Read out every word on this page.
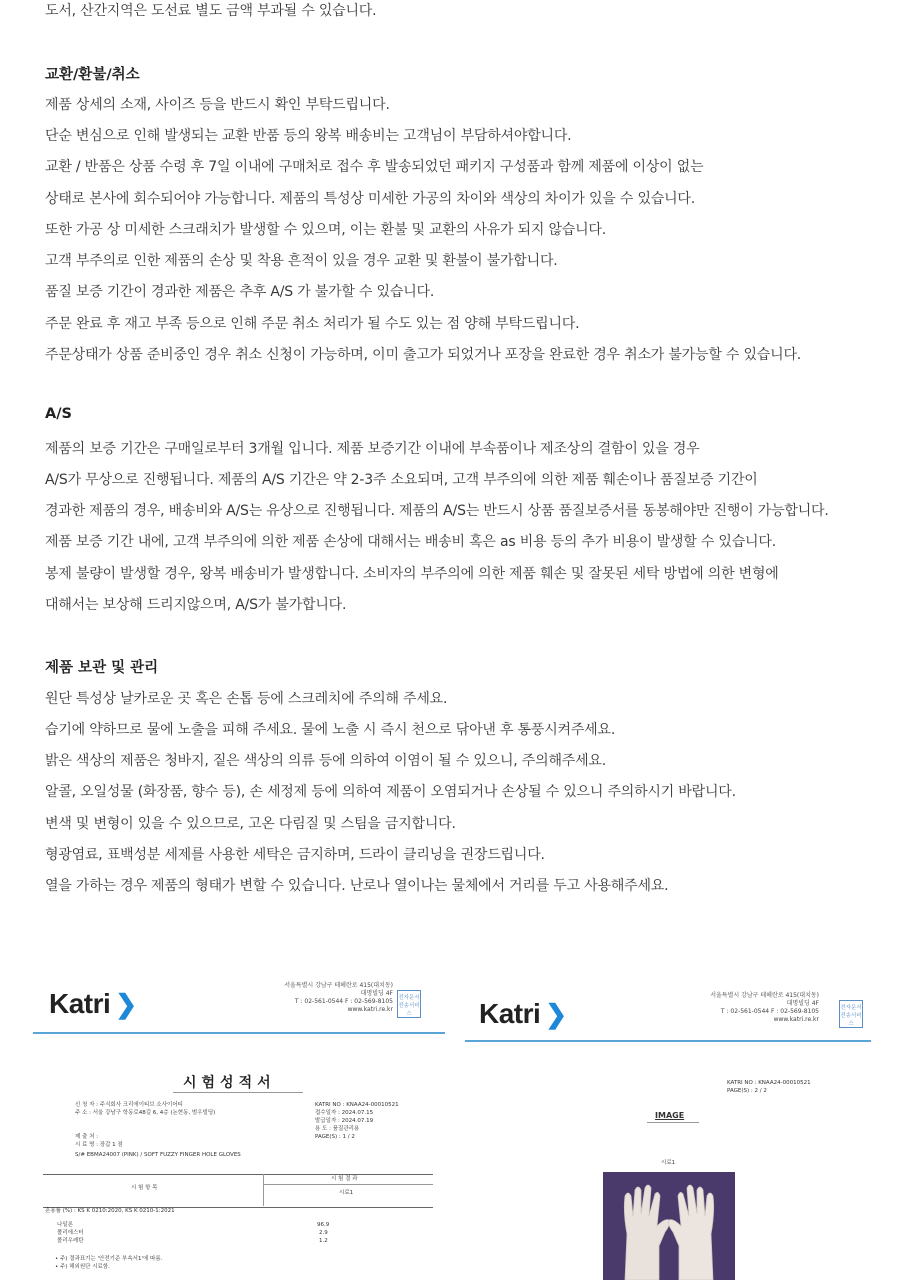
도서, 산간지역은 도선료 별도 금액 부과될 수 있습니다.
교환/환불/취소
제품 상세의 소재, 사이즈 등을 반드시 확인 부탁드립니다.
단순 변심으로 인해 발생되는 교환 반품 등의 왕복 배송비는 고객님이 부담하셔야합니다.
교환 / 반품은 상품 수령 후 7일 이내에 구매처로 접수 후 발송되었던 패키지 구성품과 함께 제품에 이상이 없는
상태로 본사에 회수되어야 가능합니다. 제품의 특성상 미세한 가공의 차이와 색상의 차이가 있을 수 있습니다.
또한 가공 상 미세한 스크래치가 발생할 수 있으며, 이는 환불 및 교환의 사유가 되지 않습니다.
고객 부주의로 인한 제품의 손상 및 착용 흔적이 있을 경우 교환 및 환불이 불가합니다.
품질 보증 기간이 경과한 제품은 추후 A/S 가 불가할 수 있습니다.
주문 완료 후 재고 부족 등으로 인해 주문 취소 처리가 될 수도 있는 점 양해 부탁드립니다.
주문상태가 상품 준비중인 경우 취소 신청이 가능하며, 이미 출고가 되었거나 포장을 완료한 경우 취소가 불가능할 수 있습니다.
A/S
제품의 보증 기간은 구매일로부터 3개월 입니다. 제품 보증기간 이내에 부속품이나 제조상의 결함이 있을 경우
A/S가 무상으로 진행됩니다. 제품의 A/S 기간은 약 2-3주 소요되며, 고객 부주의에 의한 제품 훼손이나 품질보증 기간이
경과한 제품의 경우, 배송비와 A/S는 유상으로 진행됩니다. 제품의 A/S는 반드시 상품 품질보증서를 동봉해야만 진행이 가능합니다.
제품 보증 기간 내에, 고객 부주의에 의한 제품 손상에 대해서는 배송비 혹은 as 비용 등의 추가 비용이 발생할 수 있습니다.
봉제 불량이 발생할 경우, 왕복 배송비가 발생합니다. 소비자의 부주의에 의한 제품 훼손 및 잘못된 세탁 방법에 의한 변형에
대해서는 보상해 드리지않으며, A/S가 불가합니다.
제품 보관 및 관리
원단 특성상 날카로운 곳 혹은 손톱 등에 스크레치에 주의해 주세요.
습기에 약하므로 물에 노출을 피해 주세요. 물에 노출 시 즉시 천으로 닦아낸 후 통풍시켜주세요.
밝은 색상의 제품은 청바지, 짙은 색상의 의류 등에 의하여 이염이 될 수 있으니, 주의해주세요.
알콜, 오일성물 (화장품, 향수 등), 손 세정제 등에 의하여 제품이 오염되거나 손상될 수 있으니 주의하시기 바랍니다.
변색 및 변형이 있을 수 있으므로, 고온 다림질 및 스팀을 금지합니다.
형광염료, 표백성분 세제를 사용한 세탁은 금지하며, 드라이 클리닝을 권장드립니다.
열을 가하는 경우 제품의 형태가 변할 수 있습니다. 난로나 열이나는 물체에서 거리를 두고 사용해주세요.
Katri ❯
서울특별시 강남구 테헤란로 415(대치동)
대명빌딩 4F
T : 02-561-0544 F : 02-569-8105
www.katri.re.kr
전자문서 전송서비스
시험성적서
신 청 자 : 주식회사 크리에이티브 소사이어티
주 소 : 서울 강남구 학동로48길 6, 4층 (논현동, 범우빌딩)
제 출 처 :
시 료 명 : 장갑 1 점
S/# EBMA24007 (PINK) / SOFT FUZZY FINGER HOLE GLOVES
KATRI NO : KNAA24-00010521
접수일자 : 2024.07.15
발급일자 : 2024.07.19
용 도 : 품질관리용
PAGE(S) : 1 / 2
시 험 항 목
시 험 결 과
시료1
혼용률 (%) : KS K 0210:2020, KS K 0210-1:2021
나일론	96.9
폴리에스터	2.9
폴리우레탄	1.2
• 주) 결과표기는 '안전기준 부속서1'에 따름.
• 주) 해외원단 시료함.
Katri ❯
서울특별시 강남구 테헤란로 415(대치동)
대명빌딩 4F
T : 02-561-0544 F : 02-569-8105
www.katri.re.kr
전자문서 전송서비스
KATRI NO : KNAA24-00010521
PAGE(S) : 2 / 2
IMAGE
시료1
